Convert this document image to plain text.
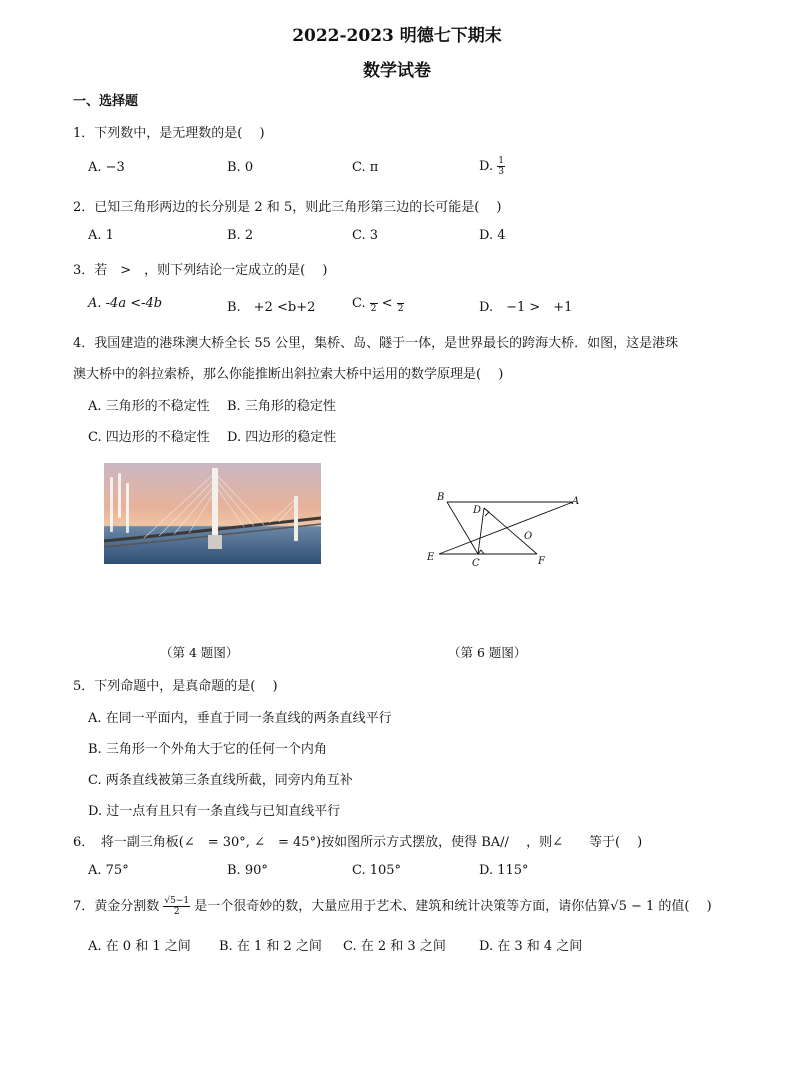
2022-2023 明德七下期末
数学试卷
一、选择题
1．下列数中，是无理数的是(　 )
A. −3	B. 0	C. π	D. $\frac{1}{3}$
2．已知三角形两边的长分别是 2 和 5，则此三角形第三边的长可能是(　 )
A. 1	B. 2	C. 3	D. 4
3．若　>　，则下列结论一定成立的是(　 )
A. -4a <-4b	B.　+2 <b+2	C.
2 <
2	D.　−1 >　+1
4．我国建造的港珠澳大桥全长 55 公里，集桥、岛、隧于一体，是世界最长的跨海大桥．如图，这是港珠
澳大桥中的斜拉索桥，那么你能推断出斜拉索大桥中运用的数学原理是(　 )
A. 三角形的不稳定性 B. 三角形的稳定性
C. 四边形的不稳定性 D. 四边形的稳定性
（第 4 题图）
B	A
D
O
E
C	F
（第 6 题图）
5．下列命题中，是真命题的是(　 )
A. 在同一平面内，垂直于同一条直线的两条直线平行
B. 三角形一个外角大于它的任何一个内角
C. 两条直线被第三条直线所截，同旁内角互补
D. 过一点有且只有一条直线与已知直线平行
6．　将一副三角板(∠　= 30°, ∠　= 45°)按如图所示方式摆放，使得 BA//　 ，则∠　　等于(　 )
A. 75°	B. 90°	C. 105°	D. 115°
7．黄金分割数 $\frac{√5-1}{2}$ 是一个很奇妙的数，大量应用于艺术、建筑和统计决策等方面，请你估算√5 − 1 的值(　 )
A. 在 0 和 1 之间 B. 在 1 和 2 之间 C. 在 2 和 3 之间	D. 在 3 和 4 之间
